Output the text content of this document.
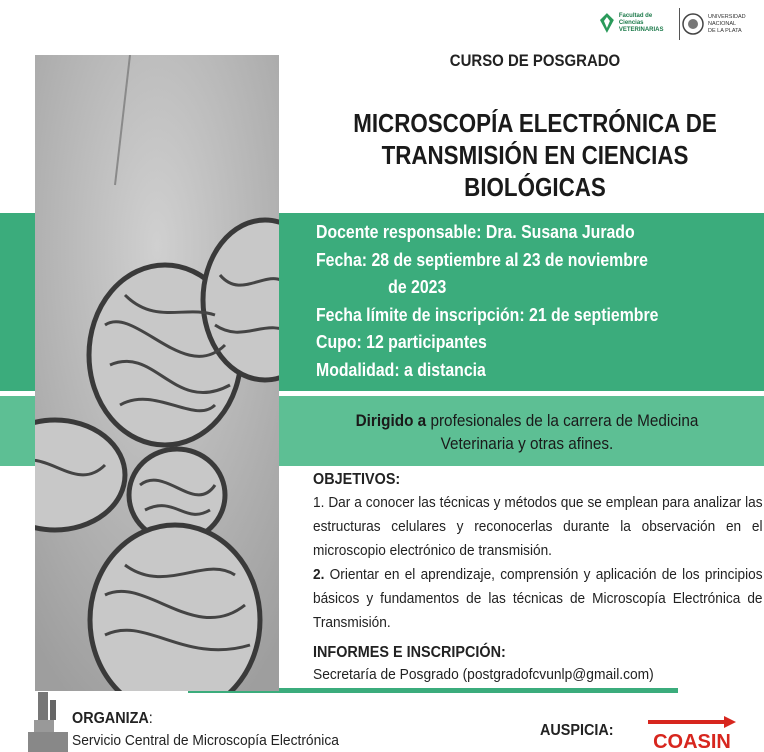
Facultad de Ciencias
VETERINARIAS
UNIVERSIDAD
NACIONAL
DE LA PLATA
CURSO DE POSGRADO
MICROSCOPÍA ELECTRÓNICA DE
TRANSMISIÓN EN CIENCIAS
BIOLÓGICAS
Docente responsable: Dra. Susana Jurado
Fecha: 28 de septiembre al 23 de noviembre
de 2023
Fecha límite de inscripción: 21 de septiembre
Cupo: 12 participantes
Modalidad: a distancia
Dirigido a profesionales de la carrera de Medicina
Veterinaria y otras afines.
OBJETIVOS:

1. Dar a conocer las técnicas y métodos que se emplean para analizar las estructuras celulares y reconocerlas durante la observación en el microscopio electrónico de transmisión.

2. Orientar en el aprendizaje, comprensión y aplicación de los principios básicos y fundamentos de las técnicas de Microscopía Electrónica de Transmisión.

INFORMES E INSCRIPCIÓN:
Secretaría de Posgrado (postgradofcvunlp@gmail.com)
ORGANIZA:
Servicio Central de Microscopía Electrónica
AUSPICIA:
COASIN
